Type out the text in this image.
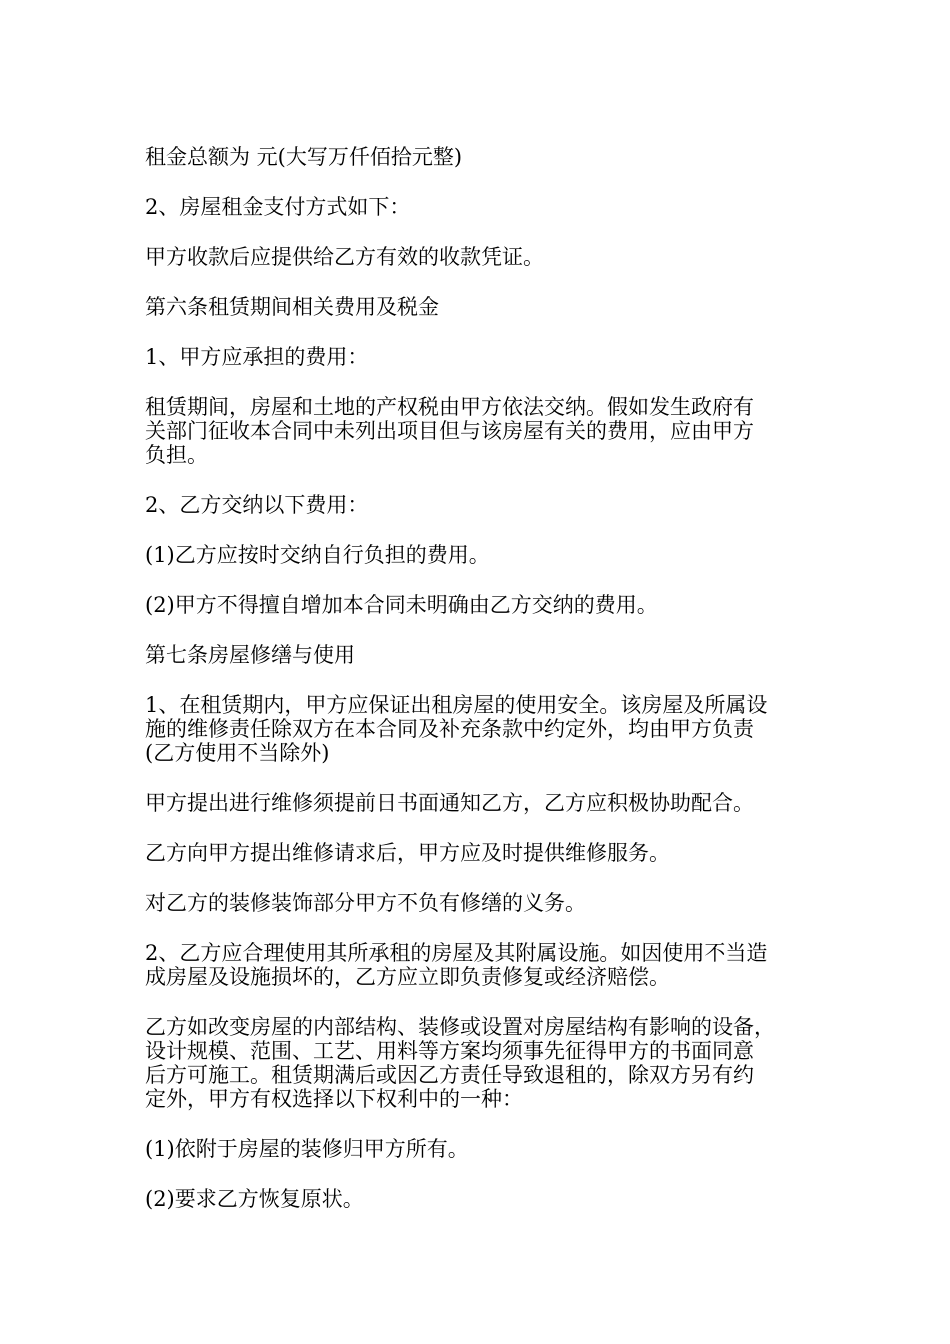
租金总额为 元(大写万仟佰拾元整)

2、房屋租金支付方式如下：

甲方收款后应提供给乙方有效的收款凭证。

第六条租赁期间相关费用及税金

1、甲方应承担的费用：

租赁期间，房屋和土地的产权税由甲方依法交纳。假如发生政府有
关部门征收本合同中未列出项目但与该房屋有关的费用，应由甲方
负担。

2、乙方交纳以下费用：

(1)乙方应按时交纳自行负担的费用。

(2)甲方不得擅自增加本合同未明确由乙方交纳的费用。

第七条房屋修缮与使用

1、在租赁期内，甲方应保证出租房屋的使用安全。该房屋及所属设
施的维修责任除双方在本合同及补充条款中约定外，均由甲方负责
(乙方使用不当除外)

甲方提出进行维修须提前日书面通知乙方，乙方应积极协助配合。

乙方向甲方提出维修请求后，甲方应及时提供维修服务。

对乙方的装修装饰部分甲方不负有修缮的义务。

2、乙方应合理使用其所承租的房屋及其附属设施。如因使用不当造
成房屋及设施损坏的，乙方应立即负责修复或经济赔偿。

乙方如改变房屋的内部结构、装修或设置对房屋结构有影响的设备，
设计规模、范围、工艺、用料等方案均须事先征得甲方的书面同意
后方可施工。租赁期满后或因乙方责任导致退租的，除双方另有约
定外，甲方有权选择以下权利中的一种：

(1)依附于房屋的装修归甲方所有。

(2)要求乙方恢复原状。
